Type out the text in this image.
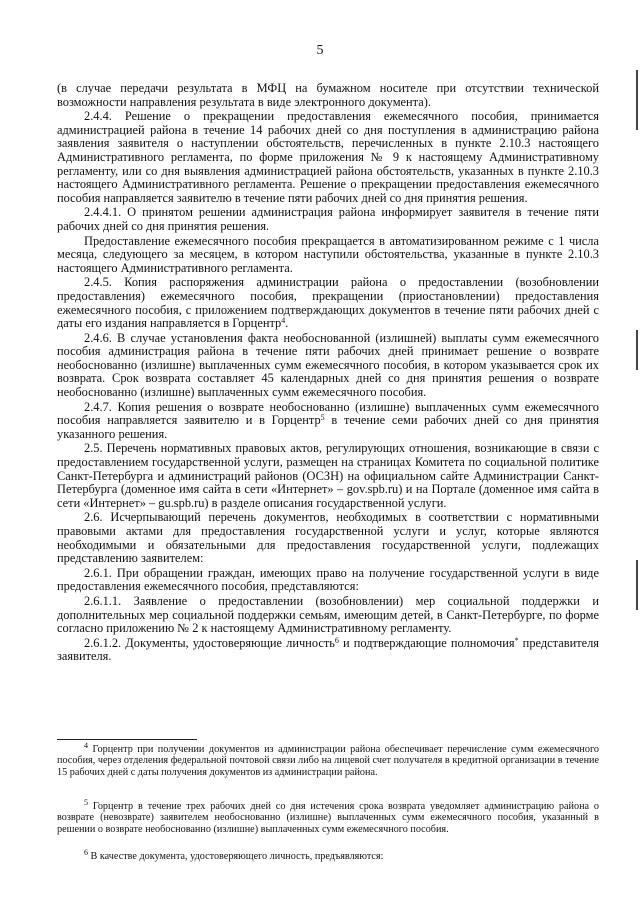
5

(в случае передачи результата в МФЦ на бумажном носителе при отсутствии технической возможности направления результата в виде электронного документа).

2.4.4. Решение о прекращении предоставления ежемесячного пособия, принимается администрацией района в течение 14 рабочих дней со дня поступления в администрацию района заявления заявителя о наступлении обстоятельств, перечисленных в пункте 2.10.3 настоящего Административного регламента, по форме приложения № 9 к настоящему Административному регламенту, или со дня выявления администрацией района обстоятельств, указанных в пункте 2.10.3 настоящего Административного регламента. Решение о прекращении предоставления ежемесячного пособия направляется заявителю в течение пяти рабочих дней со дня принятия решения.

2.4.4.1. О принятом решении администрация района информирует заявителя в течение пяти рабочих дней со дня принятия решения.

Предоставление ежемесячного пособия прекращается в автоматизированном режиме с 1 числа месяца, следующего за месяцем, в котором наступили обстоятельства, указанные в пункте 2.10.3 настоящего Административного регламента.

2.4.5. Копия распоряжения администрации района о предоставлении (возобновлении предоставления) ежемесячного пособия, прекращении (приостановлении) предоставления ежемесячного пособия, с приложением подтверждающих документов в течение пяти рабочих дней с даты его издания направляется в Горцентр$^4$.

2.4.6. В случае установления факта необоснованной (излишней) выплаты сумм ежемесячного пособия администрация района в течение пяти рабочих дней принимает решение о возврате необоснованно (излишне) выплаченных сумм ежемесячного пособия, в котором указывается срок их возврата. Срок возврата составляет 45 календарных дней со дня принятия решения о возврате необоснованно (излишне) выплаченных сумм ежемесячного пособия.

2.4.7. Копия решения о возврате необоснованно (излишне) выплаченных сумм ежемесячного пособия направляется заявителю и в Горцентр$^5$ в течение семи рабочих дней со дня принятия указанного решения.

2.5. Перечень нормативных правовых актов, регулирующих отношения, возникающие в связи с предоставлением государственной услуги, размещен на страницах Комитета по социальной политике Санкт-Петербурга и администраций районов (ОСЗН) на официальном сайте Администрации Санкт-Петербурга (доменное имя сайта в сети «Интернет» – gov.spb.ru) и на Портале (доменное имя сайта в сети «Интернет» – gu.spb.ru) в разделе описания государственной услуги.

2.6. Исчерпывающий перечень документов, необходимых в соответствии с нормативными правовыми актами для предоставления государственной услуги и услуг, которые являются необходимыми и обязательными для предоставления государственной услуги, подлежащих представлению заявителем:

2.6.1. При обращении граждан, имеющих право на получение государственной услуги в виде предоставления ежемесячного пособия, представляются:

2.6.1.1. Заявление о предоставлении (возобновлении) мер социальной поддержки и дополнительных мер социальной поддержки семьям, имеющим детей, в Санкт-Петербурге, по форме согласно приложению № 2 к настоящему Административному регламенту.

2.6.1.2. Документы, удостоверяющие личность$^6$ и подтверждающие полномочия* представителя заявителя.

$^4$ Горцентр при получении документов из администрации района обеспечивает перечисление сумм ежемесячного пособия, через отделения федеральной почтовой связи либо на лицевой счет получателя в кредитной организации в течение 15 рабочих дней с даты получения документов из администрации района.

$^5$ Горцентр в течение трех рабочих дней со дня истечения срока возврата уведомляет администрацию района о возврате (невозврате) заявителем необоснованно (излишне) выплаченных сумм ежемесячного пособия, указанный в решении о возврате необоснованно (излишне) выплаченных сумм ежемесячного пособия.

$^6$ В качестве документа, удостоверяющего личность, предъявляются:
